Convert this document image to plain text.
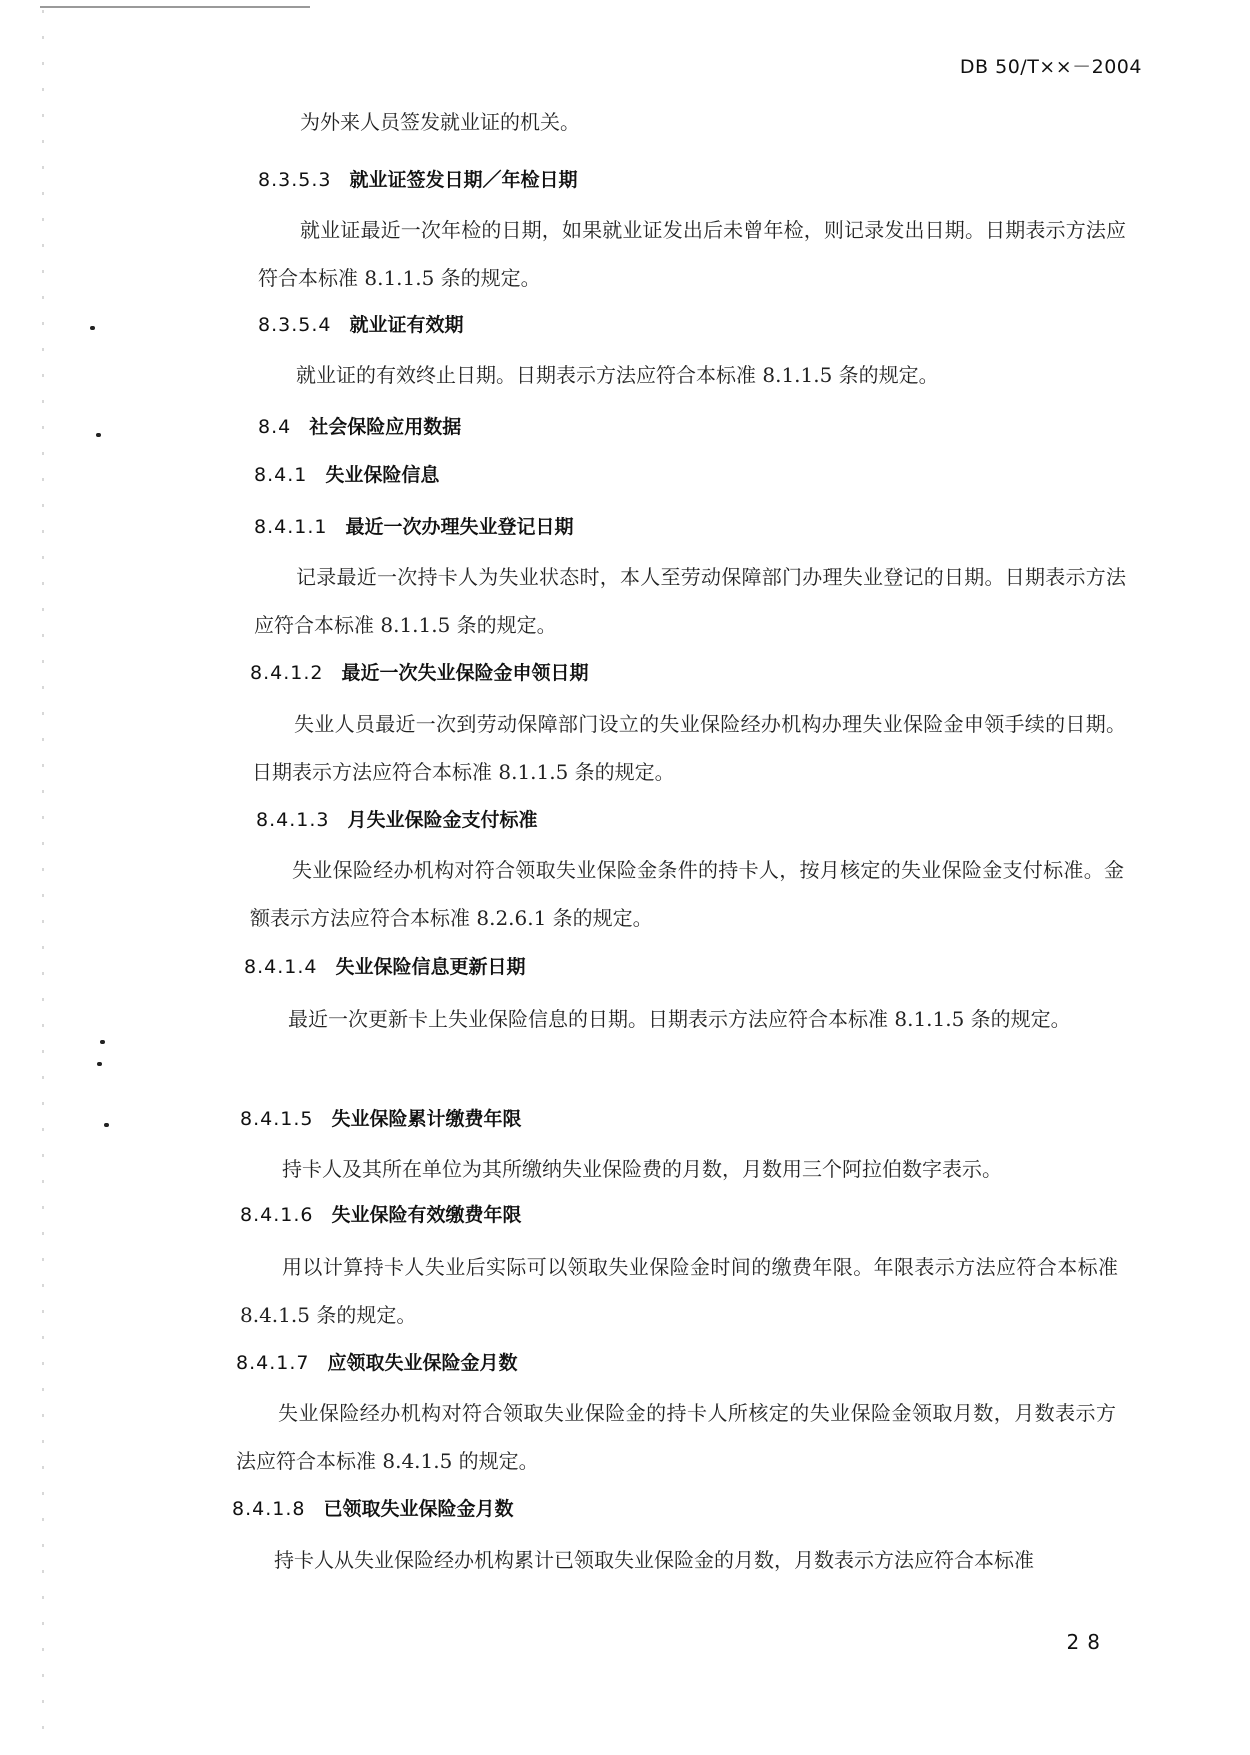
DB 50/T××－2004
为外来人员签发就业证的机关。
8.3.5.3 就业证签发日期／年检日期
就业证最近一次年检的日期，如果就业证发出后未曾年检，则记录发出日期。日期表示方法应符合本标准 8.1.1.5 条的规定。
8.3.5.4 就业证有效期
就业证的有效终止日期。日期表示方法应符合本标准 8.1.1.5 条的规定。
8.4 社会保险应用数据
8.4.1 失业保险信息
8.4.1.1 最近一次办理失业登记日期
记录最近一次持卡人为失业状态时，本人至劳动保障部门办理失业登记的日期。日期表示方法应符合本标准 8.1.1.5 条的规定。
8.4.1.2 最近一次失业保险金申领日期
失业人员最近一次到劳动保障部门设立的失业保险经办机构办理失业保险金申领手续的日期。日期表示方法应符合本标准 8.1.1.5 条的规定。
8.4.1.3 月失业保险金支付标准
失业保险经办机构对符合领取失业保险金条件的持卡人，按月核定的失业保险金支付标准。金额表示方法应符合本标准 8.2.6.1 条的规定。
8.4.1.4 失业保险信息更新日期
最近一次更新卡上失业保险信息的日期。日期表示方法应符合本标准 8.1.1.5 条的规定。
8.4.1.5 失业保险累计缴费年限
持卡人及其所在单位为其所缴纳失业保险费的月数，月数用三个阿拉伯数字表示。
8.4.1.6 失业保险有效缴费年限
用以计算持卡人失业后实际可以领取失业保险金时间的缴费年限。年限表示方法应符合本标准 8.4.1.5 条的规定。
8.4.1.7 应领取失业保险金月数
失业保险经办机构对符合领取失业保险金的持卡人所核定的失业保险金领取月数，月数表示方法应符合本标准 8.4.1.5 的规定。
8.4.1.8 已领取失业保险金月数
持卡人从失业保险经办机构累计已领取失业保险金的月数，月数表示方法应符合本标准
28
